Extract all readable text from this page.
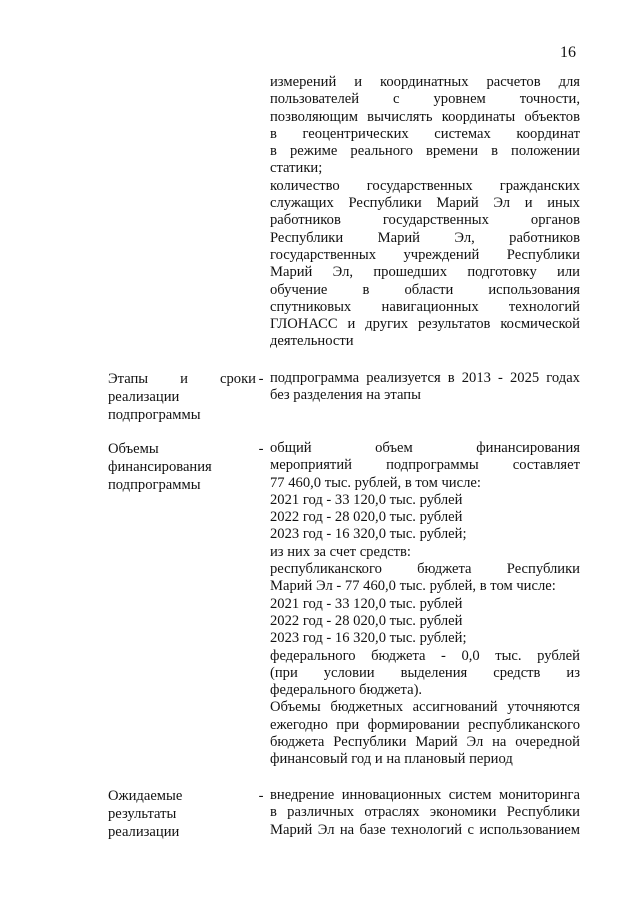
16
измерений и координатных расчетов для
пользователей с уровнем точности,
позволяющим вычислять координаты объектов
в геоцентрических системах координат
в режиме реального времени в положении
статики;
количество государственных гражданских
служащих Республики Марий Эл и иных
работников	государственных	органов
Республики Марий Эл, работников
государственных учреждений Республики
Марий Эл, прошедших подготовку или
обучение в области использования
спутниковых навигационных технологий
ГЛОНАСС и других результатов космической
деятельности
Этапы и сроки
реализации
подпрограммы
- подпрограмма реализуется в 2013 - 2025 годах
без разделения на этапы
Объемы
финансирования
подпрограммы
- общий	объем	финансирования
мероприятий подпрограммы составляет
77 460,0 тыс. рублей, в том числе:
2021 год - 33 120,0 тыс. рублей
2022 год - 28 020,0 тыс. рублей
2023 год - 16 320,0 тыс. рублей;
из них за счет средств:
республиканского бюджета Республики
Марий Эл - 77 460,0 тыс. рублей, в том числе:
2021 год - 33 120,0 тыс. рублей
2022 год - 28 020,0 тыс. рублей
2023 год - 16 320,0 тыс. рублей;
федерального бюджета - 0,0 тыс. рублей
(при условии выделения средств из
федерального бюджета).
Объемы бюджетных ассигнований уточняются
ежегодно при формировании республиканского
бюджета Республики Марий Эл на очередной
финансовый год и на плановый период
Ожидаемые
результаты
реализации
- внедрение инновационных систем мониторинга
в различных отраслях экономики Республики
Марий Эл на базе технологий с использованием
